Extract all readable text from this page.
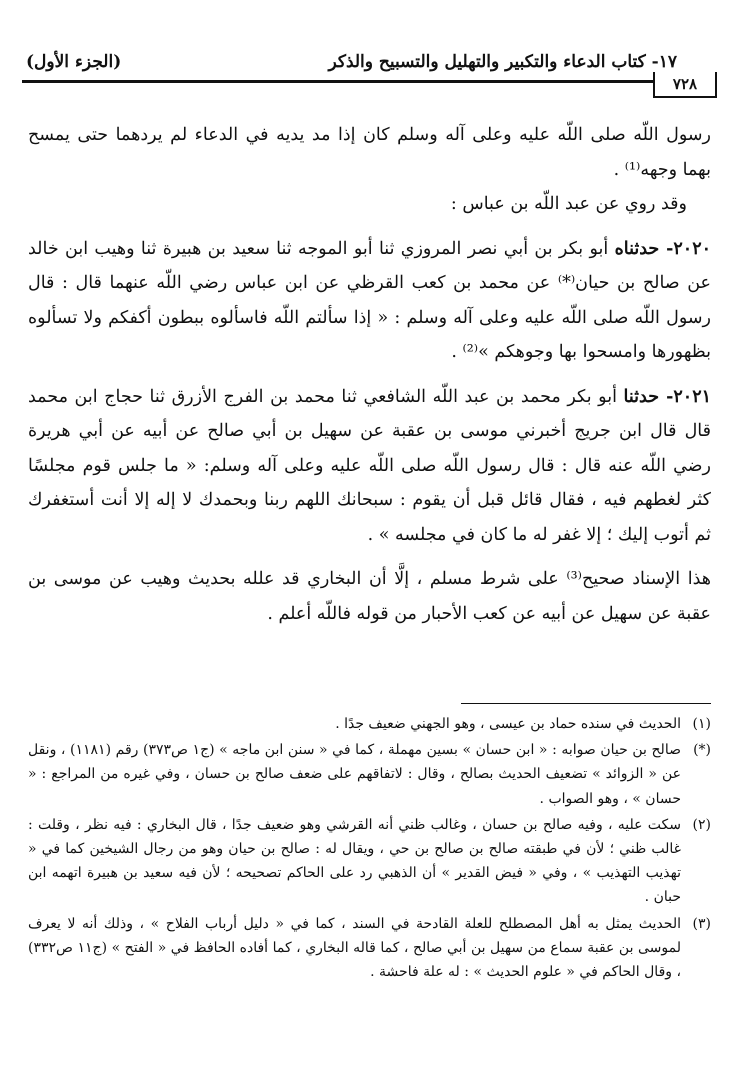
١٧- كتاب الدعاء والتكبير والتهليل والتسبيح والذكر
(الجزء الأول)
٧٢٨

رسول اللّه صلى اللّه عليه وعلى آله وسلم كان إذا مد يديه في الدعاء لم يردهما حتى يمسح بهما وجهه⁽¹⁾ .

وقد روي عن عبد اللّه بن عباس :

٢٠٢٠- حدثناه أبو بكر بن أبي نصر المروزي ثنا أبو الموجه ثنا سعيد بن هبيرة ثنا وهيب ابن خالد عن صالح بن حيان⁽*⁾ عن محمد بن كعب القرظي عن ابن عباس رضي اللّه عنهما قال : قال رسول اللّه صلى اللّه عليه وعلى آله وسلم : « إذا سألتم اللّه فاسألوه ببطون أكفكم ولا تسألوه بظهورها وامسحوا بها وجوهكم »⁽²⁾ .

٢٠٢١- حدثنا أبو بكر محمد بن عبد اللّه الشافعي ثنا محمد بن الفرج الأزرق ثنا حجاج ابن محمد قال قال ابن جريج أخبرني موسى بن عقبة عن سهيل بن أبي صالح عن أبيه عن أبي هريرة رضي اللّه عنه قال : قال رسول اللّه صلى اللّه عليه وعلى آله وسلم: « ما جلس قوم مجلسًا كثر لغطهم فيه ، فقال قائل قبل أن يقوم : سبحانك اللهم ربنا وبحمدك لا إله إلا أنت أستغفرك ثم أتوب إليك ؛ إلا غفر له ما كان في مجلسه » .

هذا الإسناد صحيح⁽³⁾ على شرط مسلم ، إلَّا أن البخاري قد علله بحديث وهيب عن موسى بن عقبة عن سهيل عن أبيه عن كعب الأحبار من قوله فاللّه أعلم .

(١)
الحديث في سنده حماد بن عيسى ، وهو الجهني ضعيف جدًا .
(*)
صالح بن حيان صوابه : « ابن حسان » بسين مهملة ، كما في « سنن ابن ماجه » (ج١ ص٣٧٣) رقم (١١٨١) ، ونقل عن « الزوائد » تضعيف الحديث بصالح ، وقال : لاتفاقهم على ضعف صالح بن حسان ، وفي غيره من المراجع : « حسان » ، وهو الصواب .
(٢)
سكت عليه ، وفيه صالح بن حسان ، وغالب ظني أنه القرشي وهو ضعيف جدًا ، قال البخاري : فيه نظر ، وقلت : غالب ظني ؛ لأن في طبقته صالح بن صالح بن حي ، ويقال له : صالح بن حيان وهو من رجال الشيخين كما في « تهذيب التهذيب » ، وفي « فيض القدير » أن الذهبي رد على الحاكم تصحيحه ؛ لأن فيه سعيد بن هبيرة اتهمه ابن حبان .
(٣)
الحديث يمثل به أهل المصطلح للعلة القادحة في السند ، كما في « دليل أرباب الفلاح » ، وذلك أنه لا يعرف لموسى بن عقبة سماع من سهيل بن أبي صالح ، كما قاله البخاري ، كما أفاده الحافظ في « الفتح » (ج١١ ص٣٣٢) ، وقال الحاكم في « علوم الحديث » : له علة فاحشة .
